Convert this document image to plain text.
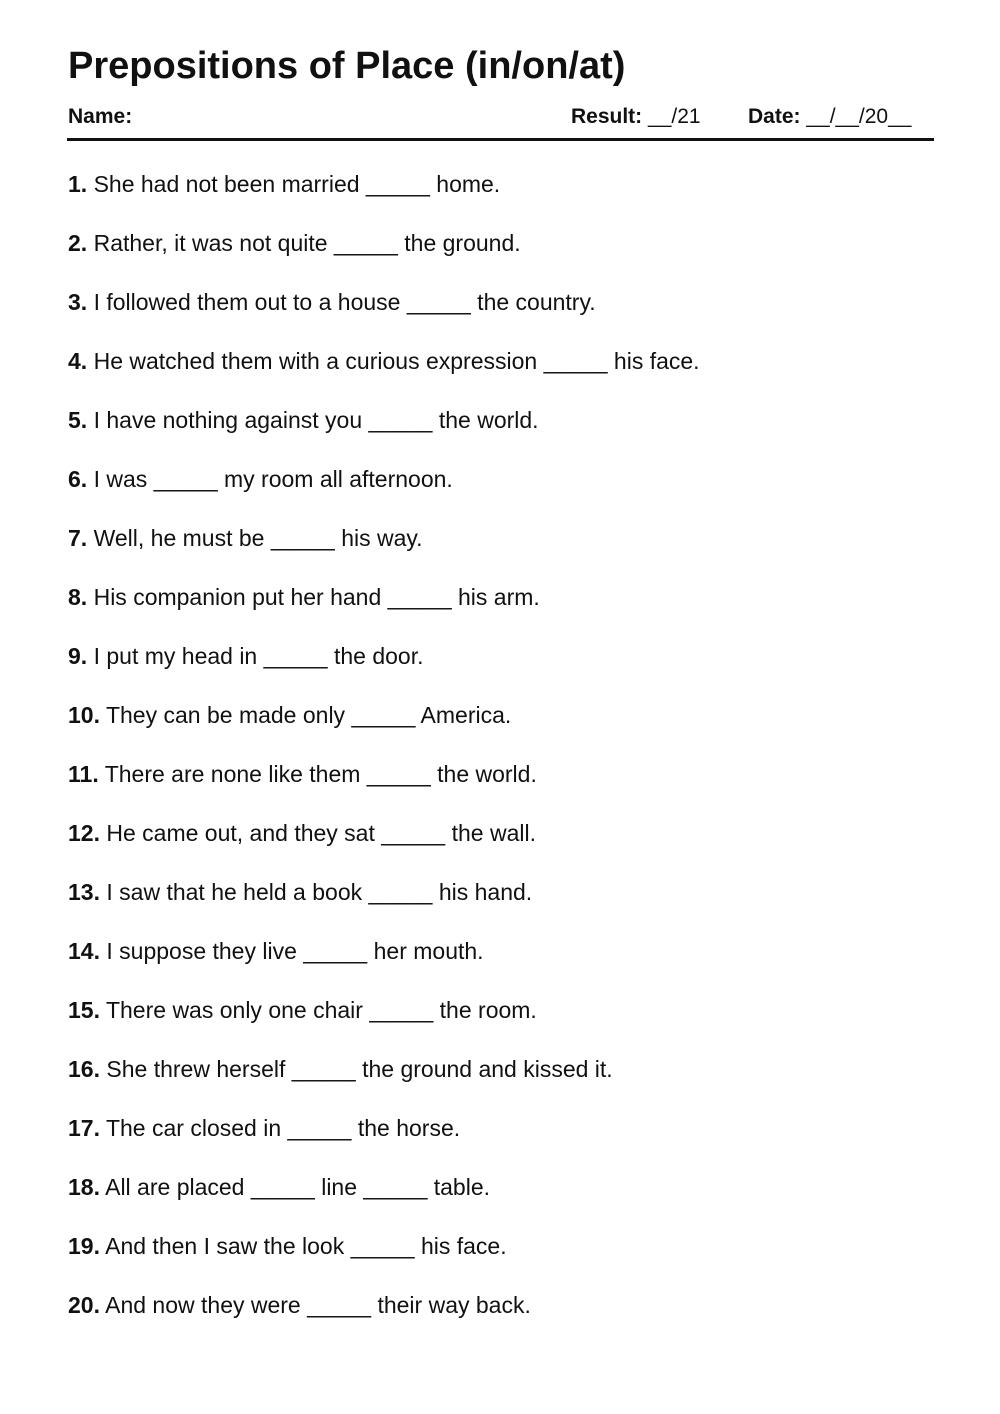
Prepositions of Place (in/on/at)
Name:	Result: __/21 Date: __/__/20__
1. She had not been married _____ home.
2. Rather, it was not quite _____ the ground.
3. I followed them out to a house _____ the country.
4. He watched them with a curious expression _____ his face.
5. I have nothing against you _____ the world.
6. I was _____ my room all afternoon.
7. Well, he must be _____ his way.
8. His companion put her hand _____ his arm.
9. I put my head in _____ the door.
10. They can be made only _____ America.
11. There are none like them _____ the world.
12. He came out, and they sat _____ the wall.
13. I saw that he held a book _____ his hand.
14. I suppose they live _____ her mouth.
15. There was only one chair _____ the room.
16. She threw herself _____ the ground and kissed it.
17. The car closed in _____ the horse.
18. All are placed _____ line _____ table.
19. And then I saw the look _____ his face.
20. And now they were _____ their way back.
